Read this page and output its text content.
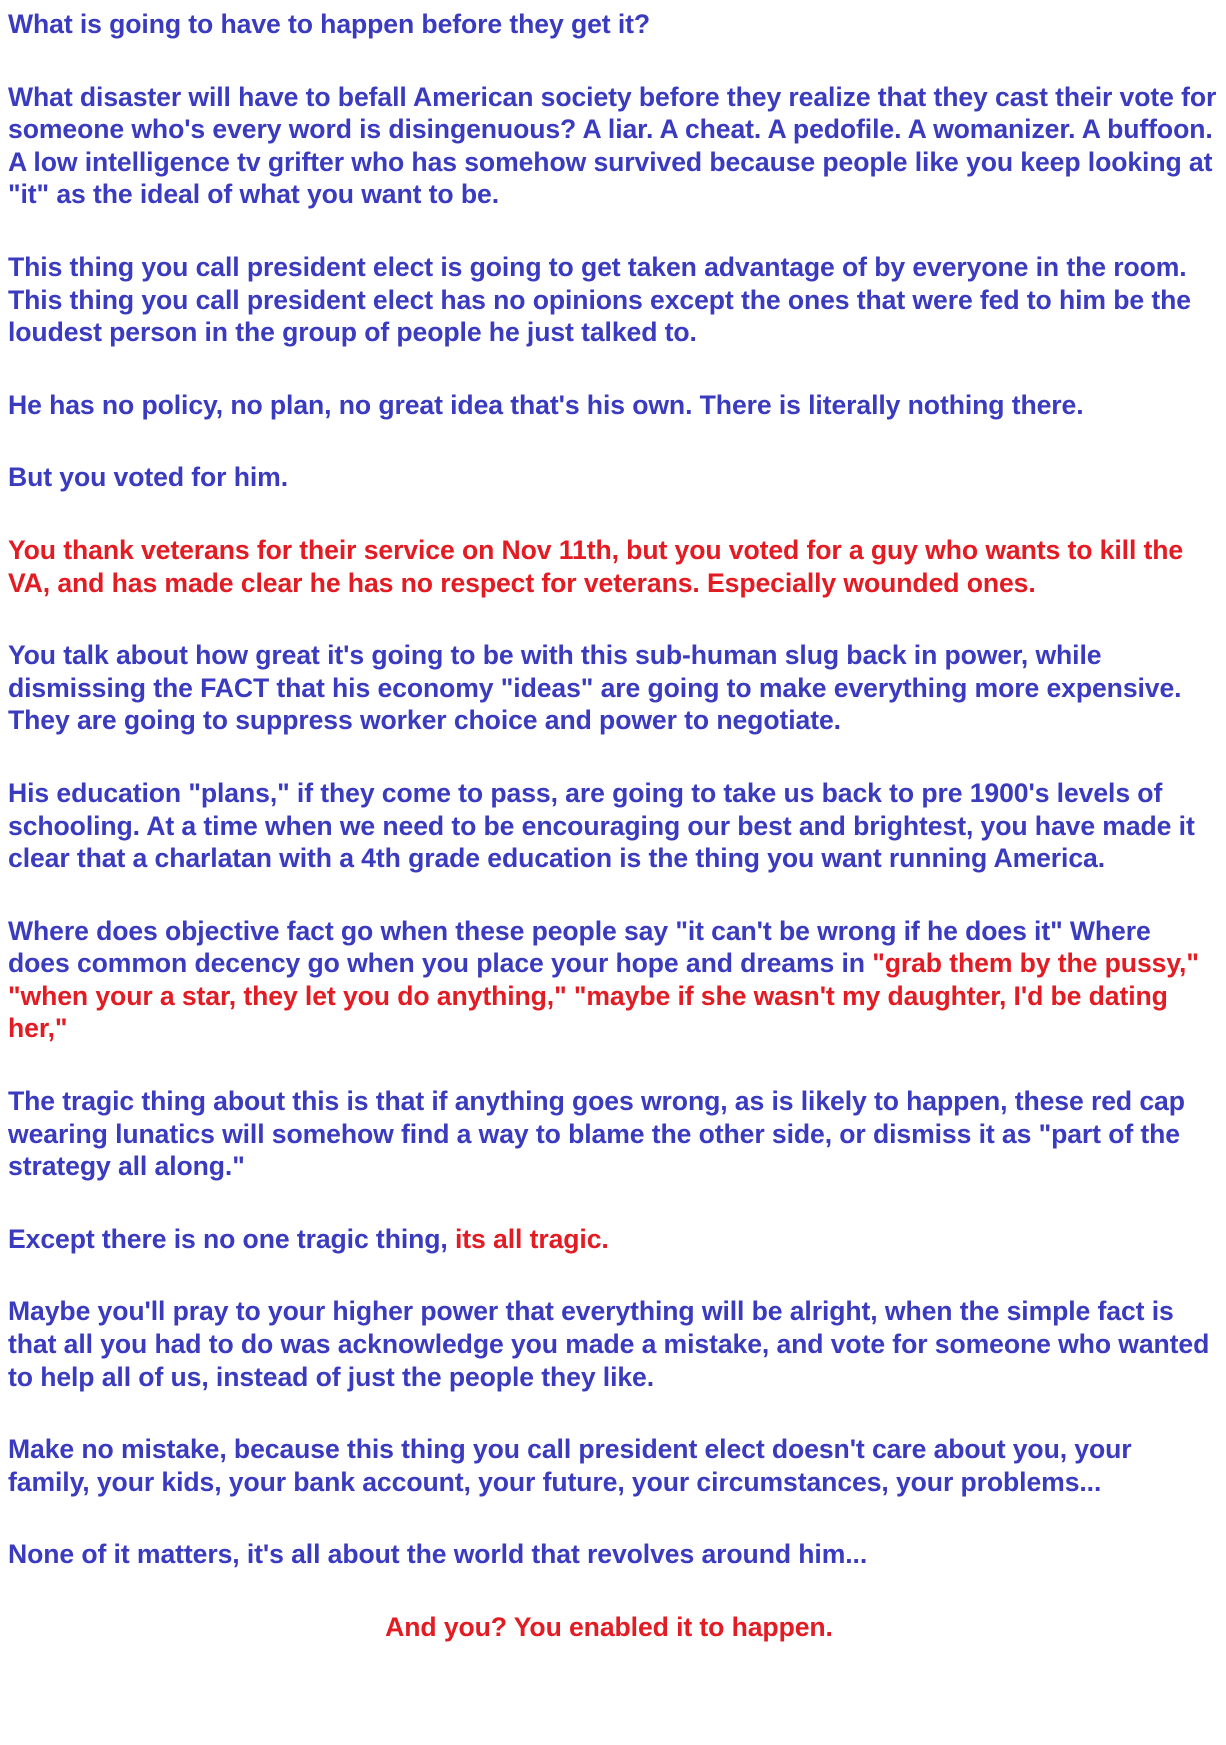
What is going to have to happen before they get it?

What disaster will have to befall American society before they realize that they cast their vote for someone who's every word is disingenuous? A liar. A cheat. A pedofile. A womanizer. A buffoon. A low intelligence tv grifter who has somehow survived because people like you keep looking at "it" as the ideal of what you want to be.

This thing you call president elect is going to get taken advantage of by everyone in the room. This thing you call president elect has no opinions except the ones that were fed to him be the loudest person in the group of people he just talked to.

He has no policy, no plan, no great idea that's his own. There is literally nothing there.

But you voted for him.

You thank veterans for their service on Nov 11th, but you voted for a guy who wants to kill the VA, and has made clear he has no respect for veterans. Especially wounded ones.

You talk about how great it's going to be with this sub-human slug back in power, while dismissing the FACT that his economy "ideas" are going to make everything more expensive. They are going to suppress worker choice and power to negotiate.

His education "plans," if they come to pass, are going to take us back to pre 1900's levels of schooling. At a time when we need to be encouraging our best and brightest, you have made it clear that a charlatan with a 4th grade education is the thing you want running America.

Where does objective fact go when these people say "it can't be wrong if he does it" Where does common decency go when you place your hope and dreams in "grab them by the pussy," "when your a star, they let you do anything," "maybe if she wasn't my daughter, I'd be dating her,"

The tragic thing about this is that if anything goes wrong, as is likely to happen, these red cap wearing lunatics will somehow find a way to blame the other side, or dismiss it as "part of the strategy all along."

Except there is no one tragic thing, its all tragic.

Maybe you'll pray to your higher power that everything will be alright, when the simple fact is that all you had to do was acknowledge you made a mistake, and vote for someone who wanted to help all of us, instead of just the people they like.

Make no mistake, because this thing you call president elect doesn't care about you, your family, your kids, your bank account, your future, your circumstances, your problems...

None of it matters, it's all about the world that revolves around him...

And you? You enabled it to happen.
